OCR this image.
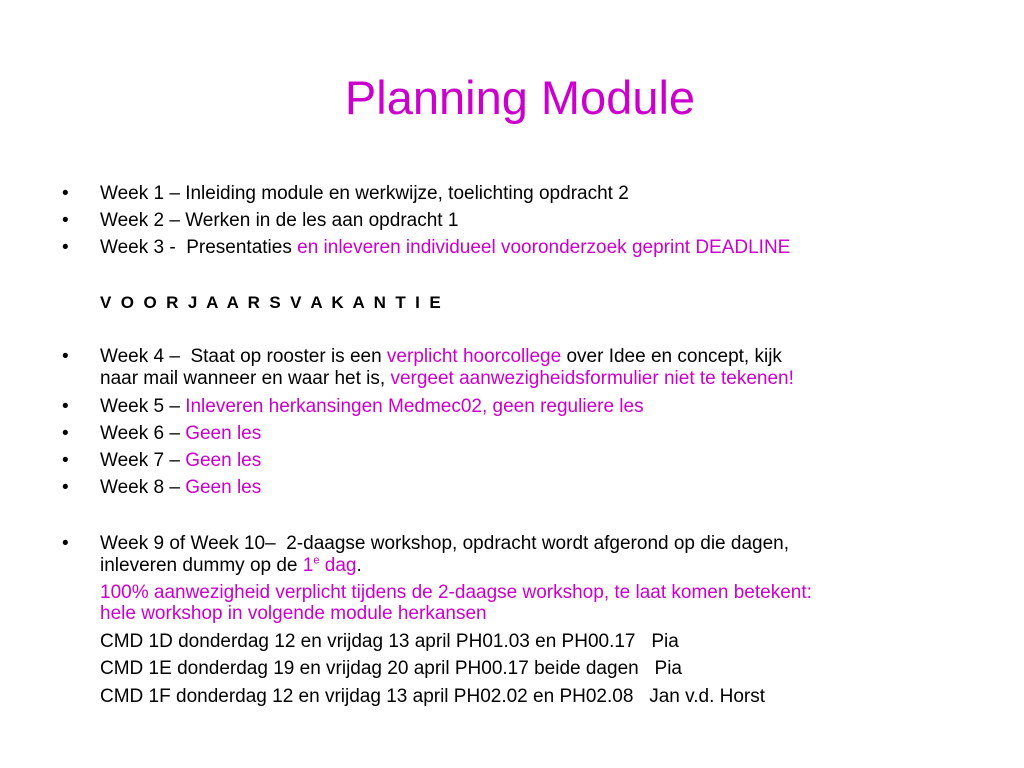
Planning Module
• Week 1 – Inleiding module en werkwijze, toelichting opdracht 2
• Week 2 – Werken in de les aan opdracht 1
• Week 3 -  Presentaties en inleveren individueel vooronderzoek geprint DEADLINE
V  O  O  R  J  A  A  R  S  V  A  K  A  N  T  I  E
• Week 4 –  Staat op rooster is een verplicht hoorcollege over Idee en concept, kijk
naar mail wanneer en waar het is, vergeet aanwezigheidsformulier niet te tekenen!
• Week 5 – Inleveren herkansingen Medmec02, geen reguliere les
• Week 6 – Geen les
• Week 7 – Geen les
• Week 8 – Geen les
• Week 9 of Week 10–  2-daagse workshop, opdracht wordt afgerond op die dagen,
inleveren dummy op de 1e dag.
100% aanwezigheid verplicht tijdens de 2-daagse workshop, te laat komen betekent:
hele workshop in volgende module herkansen
CMD 1D donderdag 12 en vrijdag 13 april PH01.03 en PH00.17   Pia
CMD 1E donderdag 19 en vrijdag 20 april PH00.17 beide dagen   Pia
CMD 1F donderdag 12 en vrijdag 13 april PH02.02 en PH02.08   Jan v.d. Horst
